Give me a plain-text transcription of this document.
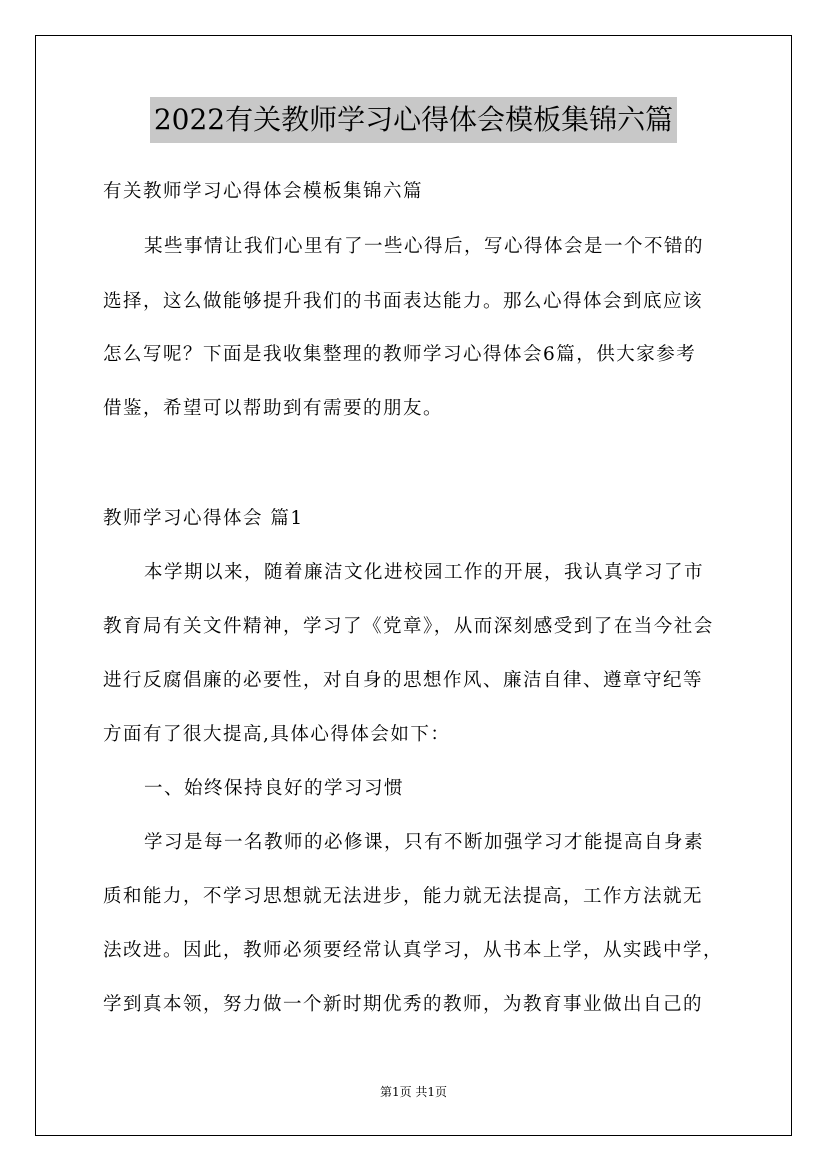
2022有关教师学习心得体会模板集锦六篇
有关教师学习心得体会模板集锦六篇
某些事情让我们心里有了一些心得后，写心得体会是一个不错的
选择，这么做能够提升我们的书面表达能力。那么心得体会到底应该
怎么写呢？下面是我收集整理的教师学习心得体会6篇，供大家参考
借鉴，希望可以帮助到有需要的朋友。
教师学习心得体会 篇1
本学期以来，随着廉洁文化进校园工作的开展，我认真学习了市
教育局有关文件精神，学习了《党章》，从而深刻感受到了在当今社会
进行反腐倡廉的必要性，对自身的思想作风、廉洁自律、遵章守纪等
方面有了很大提高,具体心得体会如下：
一、始终保持良好的学习习惯
学习是每一名教师的必修课，只有不断加强学习才能提高自身素
质和能力，不学习思想就无法进步，能力就无法提高，工作方法就无
法改进。因此，教师必须要经常认真学习，从书本上学，从实践中学，
学到真本领，努力做一个新时期优秀的教师，为教育事业做出自己的
第1页 共1页
